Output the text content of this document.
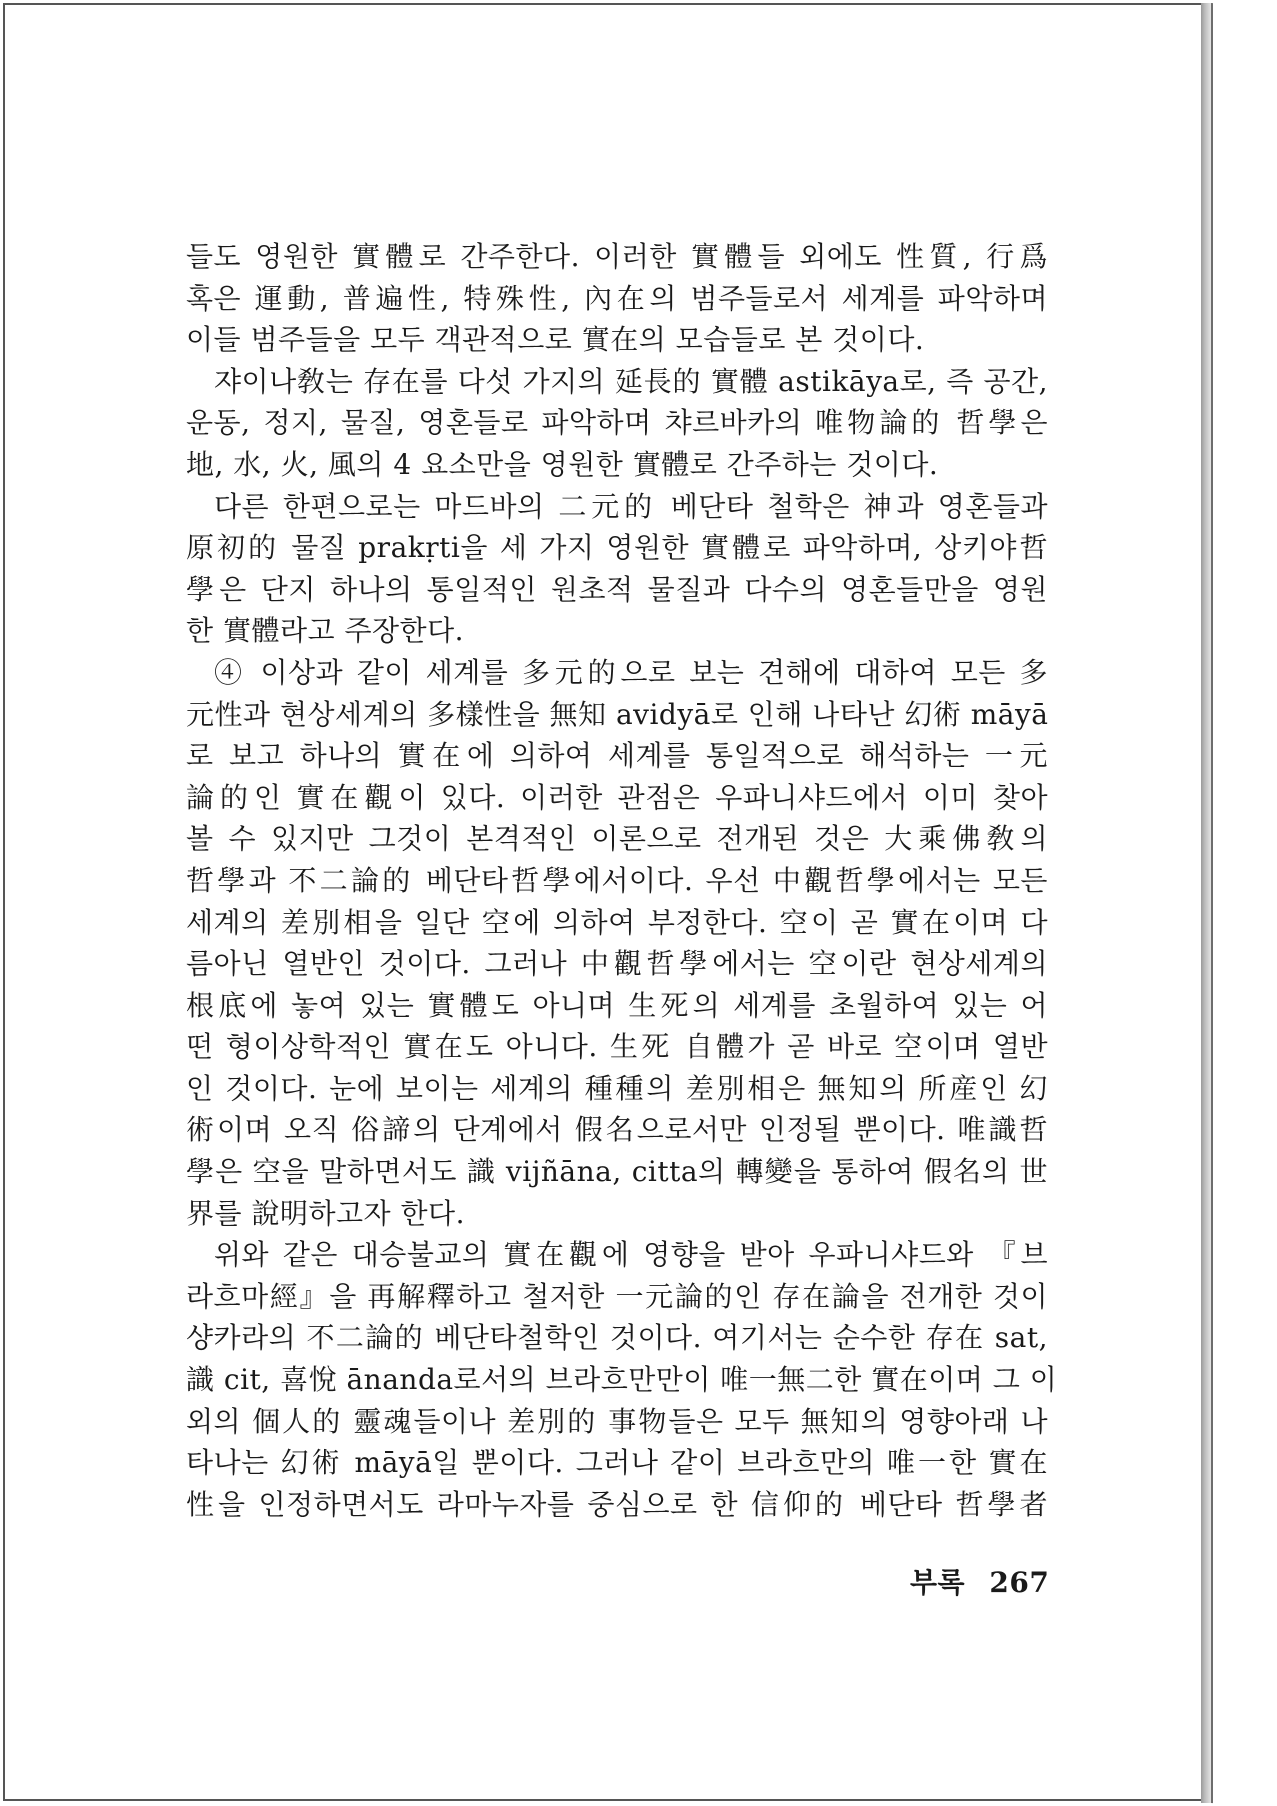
들도 영원한 實體로 간주한다. 이러한 實體들 외에도 性質, 行爲
혹은 運動, 普遍性, 特殊性, 內在의 범주들로서 세계를 파악하며
이들 범주들을 모두 객관적으로 實在의 모습들로 본 것이다.
쟈이나敎는 存在를 다섯 가지의 延長的 實體 astikāya로, 즉 공간,
운동, 정지, 물질, 영혼들로 파악하며 챠르바카의 唯物論的 哲學은
地, 水, 火, 風의 4 요소만을 영원한 實體로 간주하는 것이다.
다른 한편으로는 마드바의 二元的 베단타 철학은 神과 영혼들과
原初的 물질 prakṛti을 세 가지 영원한 實體로 파악하며, 상키야哲
學은 단지 하나의 통일적인 원초적 물질과 다수의 영혼들만을 영원
한 實體라고 주장한다.
④ 이상과 같이 세계를 多元的으로 보는 견해에 대하여 모든 多
元性과 현상세계의 多樣性을 無知 avidyā로 인해 나타난 幻術 māyā
로 보고 하나의 實在에 의하여 세계를 통일적으로 해석하는 一元
論的인 實在觀이 있다. 이러한 관점은 우파니샤드에서 이미 찾아
볼 수 있지만 그것이 본격적인 이론으로 전개된 것은 大乘佛敎의
哲學과 不二論的 베단타哲學에서이다. 우선 中觀哲學에서는 모든
세계의 差別相을 일단 空에 의하여 부정한다. 空이 곧 實在이며 다
름아닌 열반인 것이다. 그러나 中觀哲學에서는 空이란 현상세계의
根底에 놓여 있는 實體도 아니며 生死의 세계를 초월하여 있는 어
떤 형이상학적인 實在도 아니다. 生死 自體가 곧 바로 空이며 열반
인 것이다. 눈에 보이는 세계의 種種의 差別相은 無知의 所産인 幻
術이며 오직 俗諦의 단계에서 假名으로서만 인정될 뿐이다. 唯識哲
學은 空을 말하면서도 識 vijñāna, citta의 轉變을 통하여 假名의 世
界를 說明하고자 한다.
위와 같은 대승불교의 實在觀에 영향을 받아 우파니샤드와 『브
라흐마經』을 再解釋하고 철저한 一元論的인 存在論을 전개한 것이
샹카라의 不二論的 베단타철학인 것이다. 여기서는 순수한 存在 sat,
識 cit, 喜悅 ānanda로서의 브라흐만만이 唯一無二한 實在이며 그 이
외의 個人的 靈魂들이나 差別的 事物들은 모두 無知의 영향아래 나
타나는 幻術 māyā일 뿐이다. 그러나 같이 브라흐만의 唯一한 實在
性을 인정하면서도 라마누자를 중심으로 한 信仰的 베단타 哲學者
부록 267
